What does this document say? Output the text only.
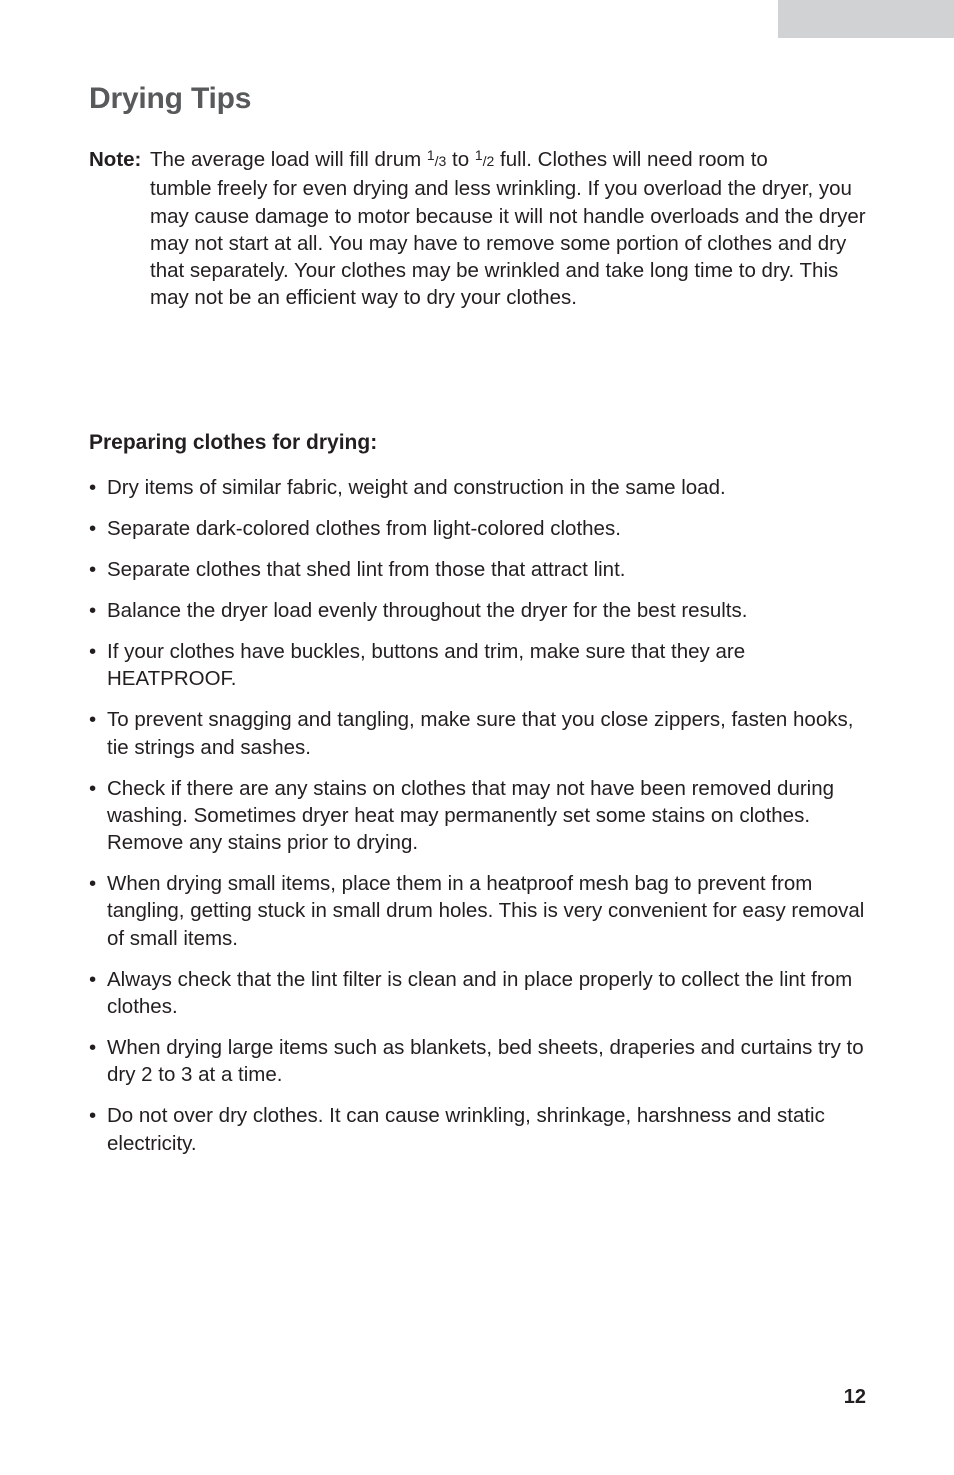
Drying Tips
Note: The average load will fill drum $^1$/3 to $^1$/2 full. Clothes will need room to
tumble freely for even drying and less wrinkling. If you overload the dryer, you may cause damage to motor because it will not handle overloads and the dryer may not start at all. You may have to remove some portion of clothes and dry that separately. Your clothes may be wrinkled and take long time to dry. This may not be an efficient way to dry your clothes.
Preparing clothes for drying:
• Dry items of similar fabric, weight and construction in the same load.
• Separate dark-colored clothes from light-colored clothes.
• Separate clothes that shed lint from those that attract lint.
• Balance the dryer load evenly throughout the dryer for the best results.
• If your clothes have buckles, buttons and trim, make sure that they are HEATPROOF.
• To prevent snagging and tangling, make sure that you close zippers, fasten hooks, tie strings and sashes.
• Check if there are any stains on clothes that may not have been removed during washing. Sometimes dryer heat may permanently set some stains on clothes. Remove any stains prior to drying.
• When drying small items, place them in a heatproof mesh bag to prevent from tangling, getting stuck in small drum holes. This is very convenient for easy removal of small items.
• Always check that the lint filter is clean and in place properly to collect the lint from clothes.
• When drying large items such as blankets, bed sheets, draperies and curtains try to dry 2 to 3 at a time.
• Do not over dry clothes. It can cause wrinkling, shrinkage, harshness and static electricity.
12
